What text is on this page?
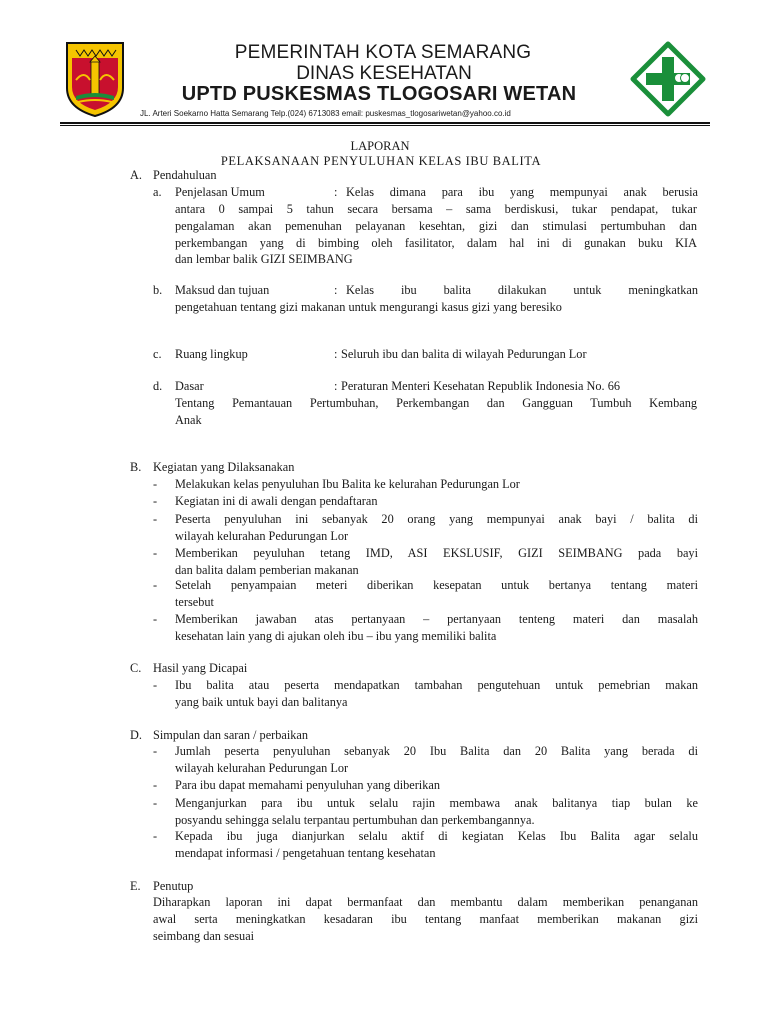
PEMERINTAH KOTA SEMARANG
DINAS KESEHATAN
UPTD PUSKESMAS TLOGOSARI WETAN
JL. Arteri Soekarno Hatta Semarang Telp.(024) 6713083 email: puskesmas_tlogosariwetan@yahoo.co.id
LAPORAN
PELAKSANAAN PENYULUHAN KELAS IBU BALITA
A. Pendahuluan
a. Penjelasan Umum	: Kelas dimana para ibu yang mempunyai anak berusia
antara 0 sampai 5 tahun secara bersama – sama berdiskusi, tukar pendapat, tukar
pengalaman akan pemenuhan pelayanan kesehtan, gizi dan stimulasi pertumbuhan dan
perkembangan yang di bimbing oleh fasilitator, dalam hal ini di gunakan buku KIA
dan lembar balik GIZI SEIMBANG
b. Maksud dan tujuan	: Kelas ibu balita dilakukan untuk meningkatkan
pengetahuan tentang gizi makanan untuk mengurangi kasus gizi yang beresiko
c. Ruang lingkup	: Seluruh ibu dan balita di wilayah Pedurungan Lor
d. Dasar	: Peraturan Menteri Kesehatan Republik Indonesia No. 66
Tentang Pemantauan Pertumbuhan, Perkembangan dan Gangguan Tumbuh Kembang
Anak
B. Kegiatan yang Dilaksanakan
- Melakukan kelas penyuluhan Ibu Balita ke kelurahan Pedurungan Lor
- Kegiatan ini di awali dengan pendaftaran
- Peserta penyuluhan ini sebanyak 20 orang yang mempunyai anak bayi / balita di
wilayah kelurahan Pedurungan Lor
- Memberikan peyuluhan tetang IMD, ASI EKSLUSIF, GIZI SEIMBANG pada bayi
dan balita dalam pemberian makanan
- Setelah penyampaian meteri diberikan kesepatan untuk bertanya tentang materi
tersebut
- Memberikan jawaban atas pertanyaan – pertanyaan tenteng materi dan masalah
kesehatan lain yang di ajukan oleh ibu – ibu yang memiliki balita
C. Hasil yang Dicapai
- Ibu balita atau peserta mendapatkan tambahan pengutehuan untuk pemebrian makan
yang baik untuk bayi dan balitanya
D. Simpulan dan saran / perbaikan
- Jumlah peserta penyuluhan sebanyak 20 Ibu Balita dan 20 Balita yang berada di
wilayah kelurahan Pedurungan Lor
- Para ibu dapat memahami penyuluhan yang diberikan
- Menganjurkan para ibu untuk selalu rajin membawa anak balitanya tiap bulan ke
posyandu sehingga selalu terpantau pertumbuhan dan perkembangannya.
- Kepada ibu juga dianjurkan selalu aktif di kegiatan Kelas Ibu Balita agar selalu
mendapat informasi / pengetahuan tentang kesehatan
E. Penutup
Diharapkan laporan ini dapat bermanfaat dan membantu dalam memberikan penanganan
awal serta meningkatkan kesadaran ibu tentang manfaat memberikan makanan gizi
seimbang dan sesuai
